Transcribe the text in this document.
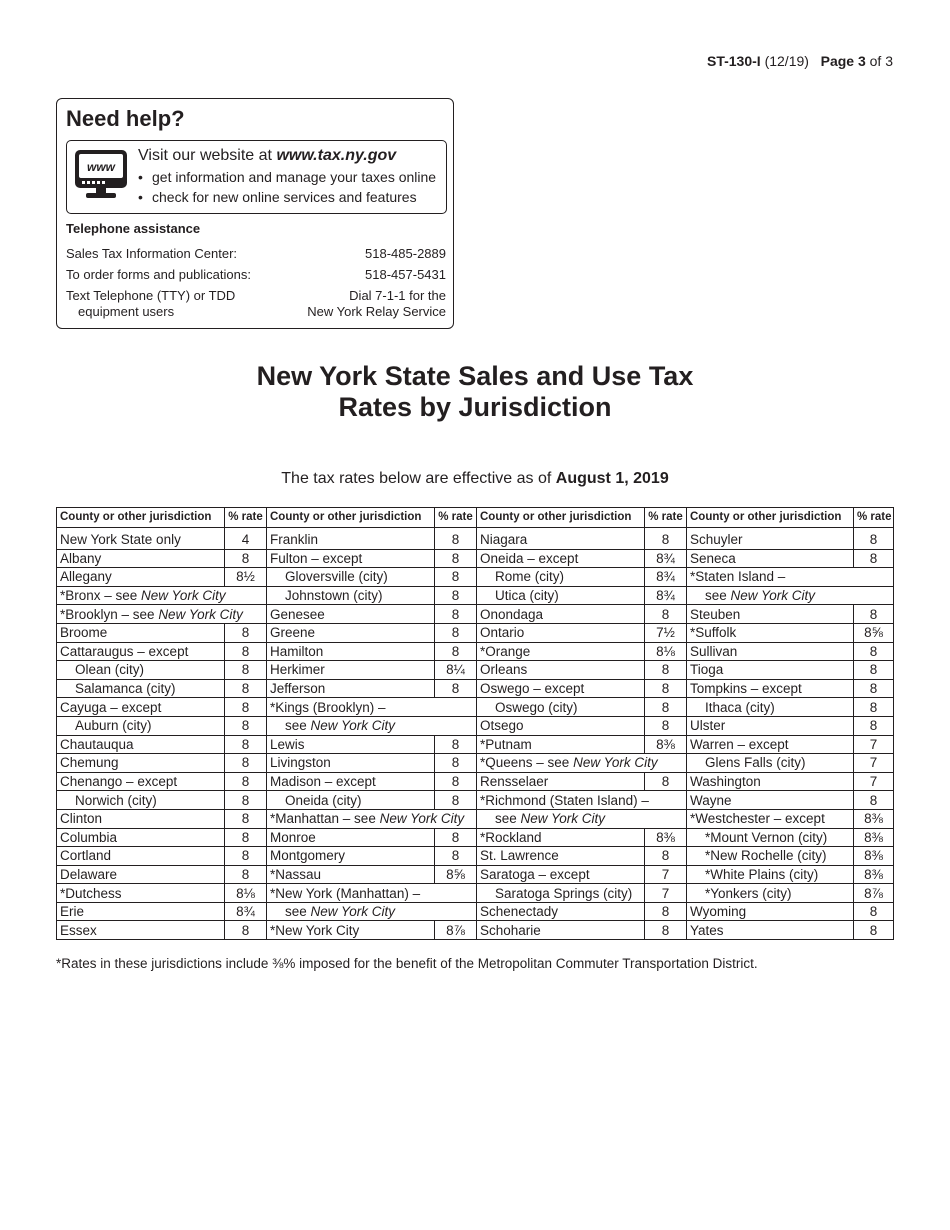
ST-130-I (12/19) Page 3 of 3
Need help?
www
Visit our website at www.tax.ny.gov
• get information and manage your taxes online
• check for new online services and features
Telephone assistance
Sales Tax Information Center:	518-485-2889
To order forms and publications:	518-457-5431
Text Telephone (TTY) or TDD
equipment users
Dial 7-1-1 for the
New York Relay Service
New York State Sales and Use Tax
Rates by Jurisdiction
The tax rates below are effective as of August 1, 2019
County or other jurisdiction	% rate	County or other jurisdiction	% rate	County or other jurisdiction	% rate	County or other jurisdiction	% rate
New York State only	4	Franklin	8	Niagara	8	Schuyler	8
Albany	8	Fulton – except	8	Oneida – except	8¾	Seneca	8
Allegany	8½	Gloversville (city)	8	Rome (city)	8¾	*Staten Island –	
*Bronx – see New York City		Johnstown (city)	8	Utica (city)	8¾	see New York City	
*Brooklyn – see New York City		Genesee	8	Onondaga	8	Steuben	8
Broome	8	Greene	8	Ontario	7½	*Suffolk	8⅝
Cattaraugus – except	8	Hamilton	8	*Orange	8⅛	Sullivan	8
Olean (city)	8	Herkimer	8¼	Orleans	8	Tioga	8
Salamanca (city)	8	Jefferson	8	Oswego – except	8	Tompkins – except	8
Cayuga – except	8	*Kings (Brooklyn) –		Oswego (city)	8	Ithaca (city)	8
Auburn (city)	8	see New York City		Otsego	8	Ulster	8
Chautauqua	8	Lewis	8	*Putnam	8⅜	Warren – except	7
Chemung	8	Livingston	8	*Queens – see New York City		Glens Falls (city)	7
Chenango – except	8	Madison – except	8	Rensselaer	8	Washington	7
Norwich (city)	8	Oneida (city)	8	*Richmond (Staten Island) –		Wayne	8
Clinton	8	*Manhattan – see New York City		see New York City		*Westchester – except	8⅜
Columbia	8	Monroe	8	*Rockland	8⅜	*Mount Vernon (city)	8⅜
Cortland	8	Montgomery	8	St. Lawrence	8	*New Rochelle (city)	8⅜
Delaware	8	*Nassau	8⅝	Saratoga – except	7	*White Plains (city)	8⅜
*Dutchess	8⅛	*New York (Manhattan) –		Saratoga Springs (city)	7	*Yonkers (city)	8⅞
Erie	8¾	see New York City		Schenectady	8	Wyoming	8
Essex	8	*New York City	8⅞	Schoharie	8	Yates	8
*Rates in these jurisdictions include ⅜% imposed for the benefit of the Metropolitan Commuter Transportation District.
